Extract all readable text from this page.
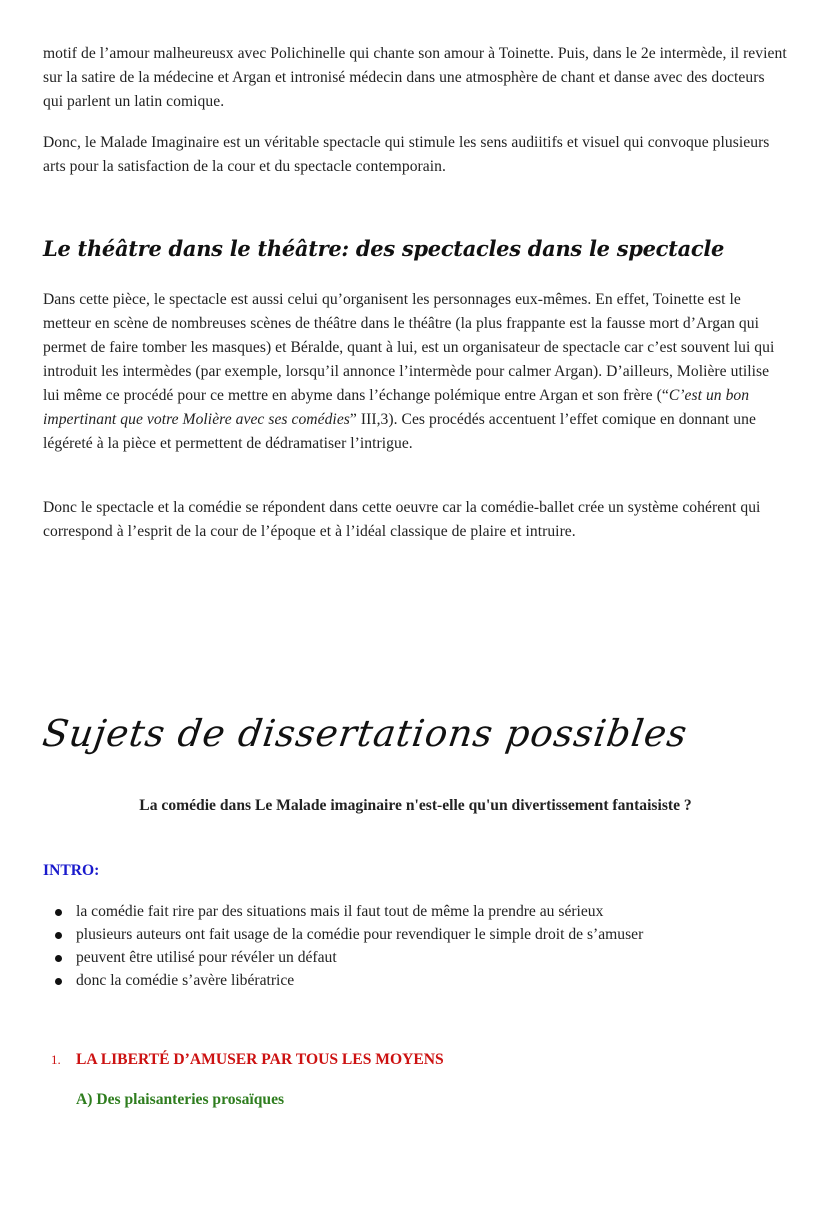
motif de l’amour malheureusx avec Polichinelle qui chante son amour à Toinette. Puis, dans le 2e intermède, il revient sur la satire de la médecine et Argan et intronisé médecin dans une atmosphère de chant et danse avec des docteurs qui parlent un latin comique.

Donc, le Malade Imaginaire est un véritable spectacle qui stimule les sens audiitifs et visuel qui convoque plusieurs arts pour la satisfaction de la cour et du spectacle contemporain.

Le théâtre dans le théâtre: des spectacles dans le spectacle

Dans cette pièce, le spectacle est aussi celui qu’organisent les personnages eux-mêmes. En effet, Toinette est le metteur en scène de nombreuses scènes de théâtre dans le théâtre (la plus frappante est la fausse mort d’Argan qui permet de faire tomber les masques) et Béralde, quant à lui, est un organisateur de spectacle car c’est souvent lui qui introduit les intermèdes (par exemple, lorsqu’il annonce l’intermède pour calmer Argan). D’ailleurs, Molière utilise lui même ce procédé pour ce mettre en abyme dans l’échange polémique entre Argan et son frère (“C’est un bon impertinant que votre Molière avec ses comédies” III,3). Ces procédés accentuent l’effet comique en donnant une légéreté à la pièce et permettent de dédramatiser l’intrigue.

Donc le spectacle et la comédie se répondent dans cette oeuvre car la comédie-ballet crée un système cohérent qui correspond à l’esprit de la cour de l’époque et à l’idéal classique de plaire et intruire.

Sujets de dissertations possibles

La comédie dans Le Malade imaginaire n'est-elle qu'un divertissement fantaisiste ?

INTRO:

la comédie fait rire par des situations mais il faut tout de même la prendre au sérieux
plusieurs auteurs ont fait usage de la comédie pour revendiquer le simple droit de s’amuser
peuvent être utilisé pour révéler un défaut
donc la comédie s’avère libératrice

1. LA LIBERTÉ D’AMUSER PAR TOUS LES MOYENS

A) Des plaisanteries prosaïques
